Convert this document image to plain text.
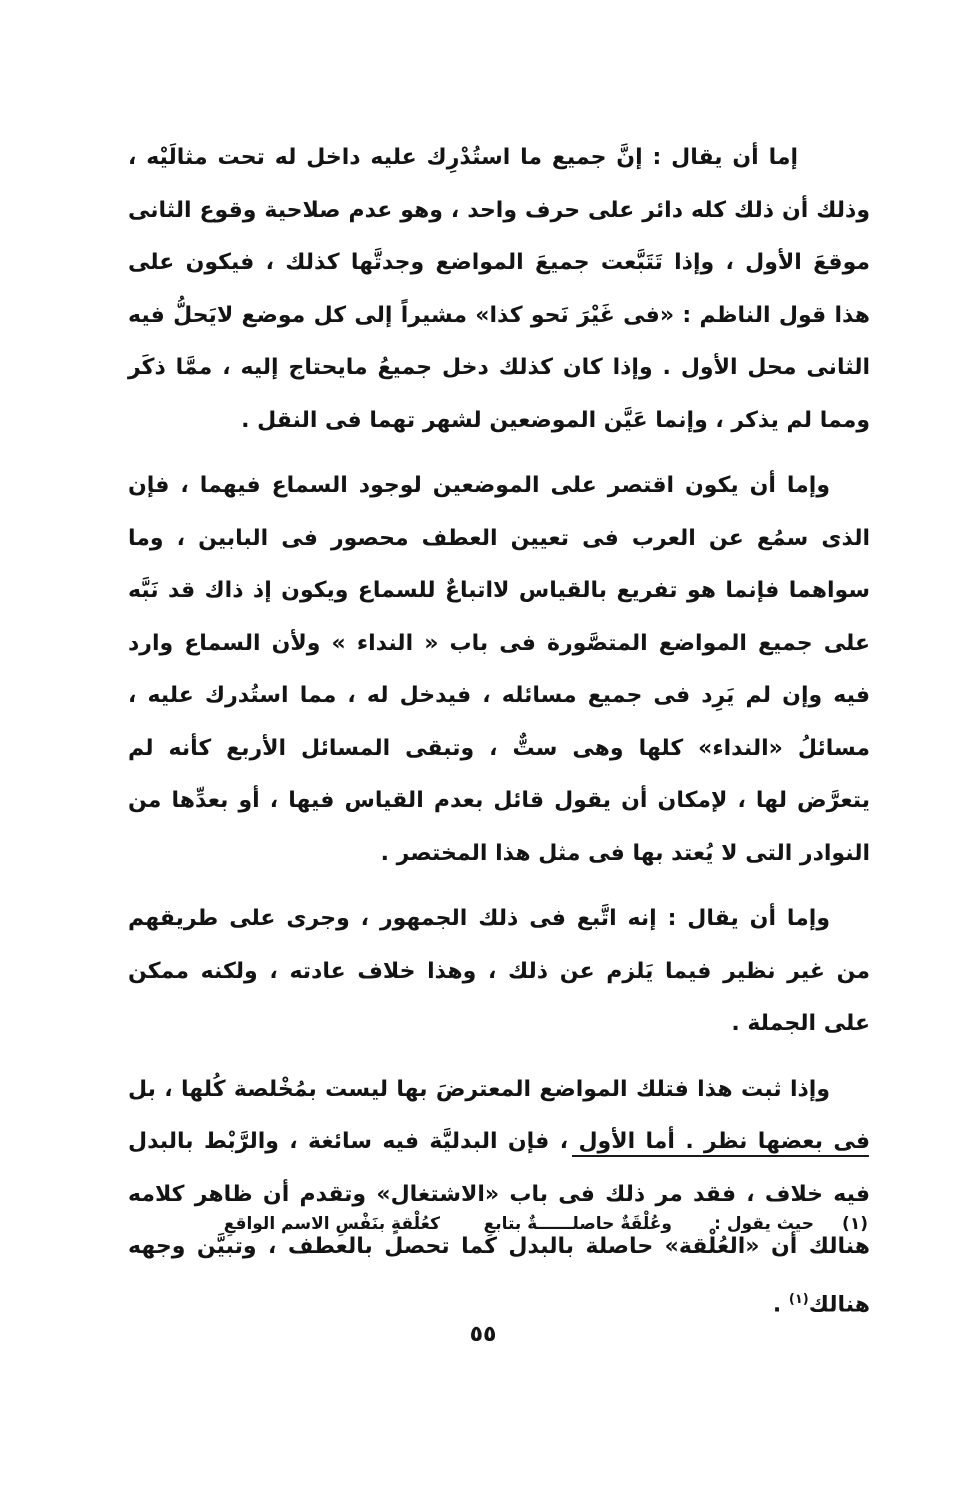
إما أن يقال : إنَّ جميع ما استُدْرِك عليه داخل له تحت مثالَيْه ، وذلك أن ذلك كله دائر على حرف واحد ، وهو عدم صلاحية وقوع الثانى موقعَ الأول ، وإذا تَتَبَّعت جميعَ المواضع وجدتَّها كذلك ، فيكون على هذا قول الناظم : «فى غَيْرَ نَحو كذا» مشيراً إلى كل موضع لايَحلُّ فيه الثانى محل الأول . وإذا كان كذلك دخل جميعُ مايحتاج إليه ، ممَّا ذكَر ومما لم يذكر ، وإنما عَيَّن الموضعين لشهر تهما فى النقل .

وإما أن يكون اقتصر على الموضعين لوجود السماع فيهما ، فإن الذى سمُع عن العرب فى تعيين العطف محصور فى البابين ، وما سواهما فإنما هو تفريع بالقياس لااتباعٌ للسماع ويكون إذ ذاك قد نَبَّه على جميع المواضع المتصَّورة فى باب « النداء » ولأن السماع وارد فيه وإن لم يَرِد فى جميع مسائله ، فيدخل له ، مما استُدرك عليه ، مسائلُ «النداء» كلها وهى ستٌّ ، وتبقى المسائل الأربع كأنه لم يتعرَّض لها ، لإمكان أن يقول قائل بعدم القياس فيها ، أو بعدِّها من النوادر التى لا يُعتد بها فى مثل هذا المختصر .

وإما أن يقال : إنه اتَّبع فى ذلك الجمهور ، وجرى على طريقهم من غير نظير فيما يَلزم عن ذلك ، وهذا خلاف عادته ، ولكنه ممكن على الجملة .

وإذا ثبت هذا فتلك المواضع المعترضَ بها ليست بمُخْلصة كُلها ، بل فى بعضها نظر . أما الأول ، فإن البدليَّة فيه سائغة ، والرَّبْط بالبدل فيه خلاف ، فقد مر ذلك فى باب «الاشتغال» وتقدم أن ظاهر كلامه هنالك أن «العُلْقة» حاصلة بالبدل كما تحصل بالعطف ، وتبيَّن وجهه هنالك$^{(١)}$ .

(١)
حيث يقول :
وعُلْقَةٌ حاصلــــــةٌ بتابعِ
كعُلْقةٍ بنَفْسِ الاسم الواقعِ
٥٥
